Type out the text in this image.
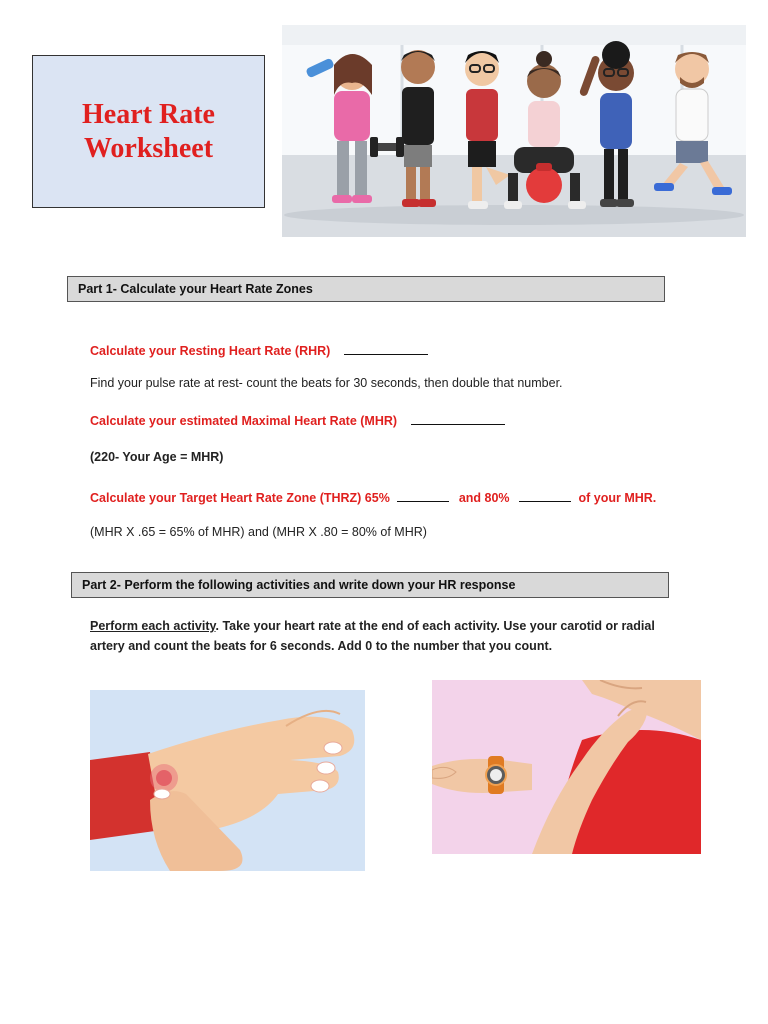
Heart Rate
Worksheet
Part 1- Calculate your Heart Rate Zones
Calculate your Resting Heart Rate (RHR)
Find your pulse rate at rest- count the beats for 30 seconds, then double that number.
Calculate your estimated Maximal Heart Rate (MHR)
(220- Your Age = MHR)
Calculate your Target Heart Rate Zone (THRZ) 65%	and 80%	of your MHR.
(MHR X .65 = 65% of MHR) and (MHR X .80 = 80% of MHR)
Part 2- Perform the following activities and write down your HR response
Perform each activity. Take your heart rate at the end of each activity. Use your carotid or radial artery and count the beats for 6 seconds. Add 0 to the number that you count.
